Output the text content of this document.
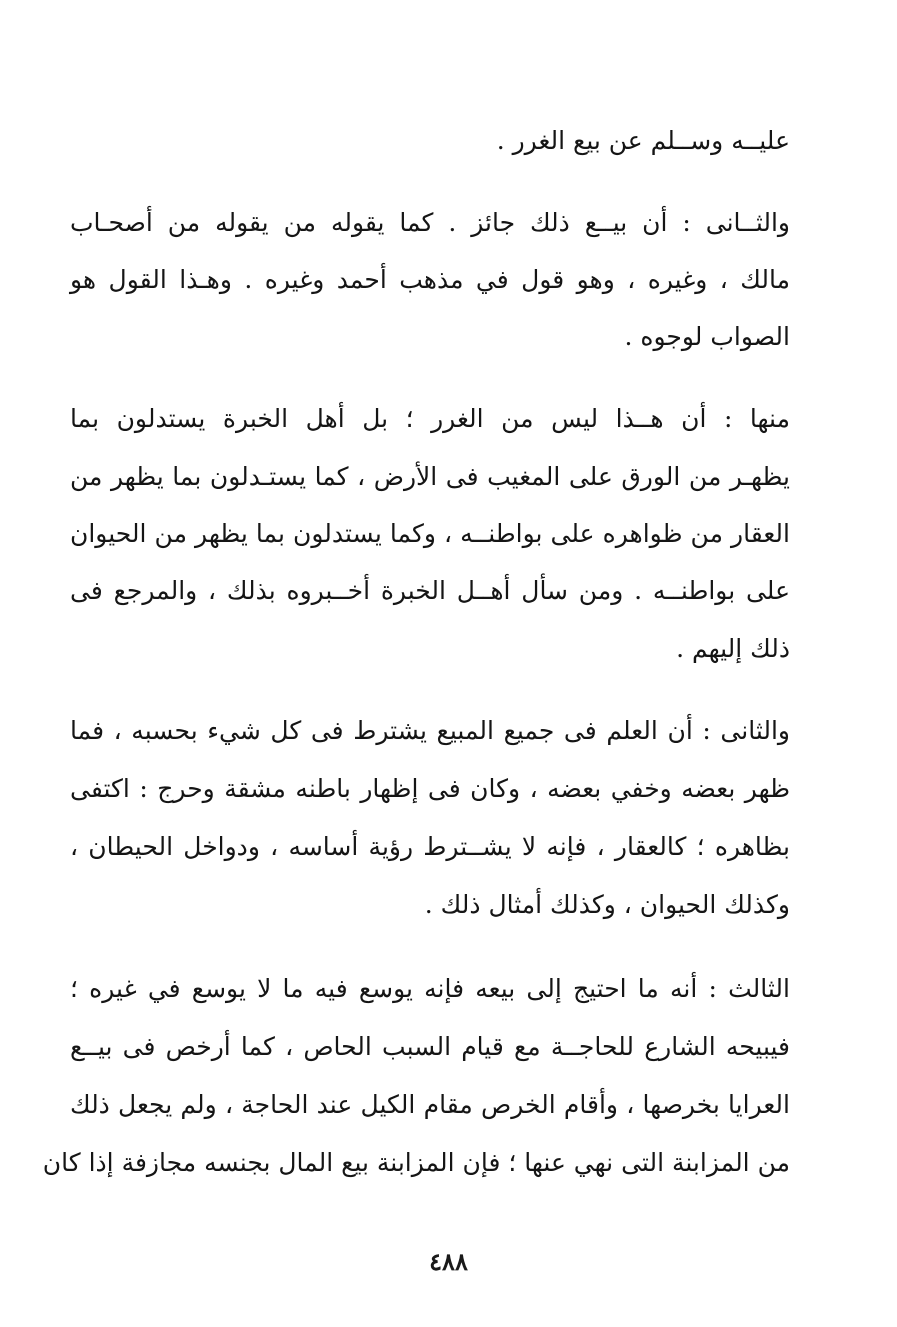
عليــه وســلم عن بيع الغرر .
والثــانى : أن بيــع ذلك جائز . كما يقوله من يقوله من أصحـاب
مالك ، وغيره ، وهو قول في مذهب أحمد وغيره . وهـذا القول هو
الصواب لوجوه .
منها : أن هــذا ليس من الغرر ؛ بل أهل الخبرة يستدلون بما
يظهـر من الورق على المغيب فى الأرض ، كما يستـدلون بما يظهر من
العقار من ظواهره على بواطنــه ، وكما يستدلون بما يظهر من الحيوان
على بواطنــه . ومن سأل أهــل الخبرة أخــبروه بذلك ، والمرجع فى
ذلك إليهم .
والثانى : أن العلم فى جميع المبيع يشترط فى كل شيء بحسبه ، فما
ظهر بعضه وخفي بعضه ، وكان فى إظهار باطنه مشقة وحرج : اكتفى
بظاهره ؛ كالعقار ، فإنه لا يشــترط رؤية أساسه ، ودواخل الحيطان ،
وكذلك الحيوان ، وكذلك أمثال ذلك .
الثالث : أنه ما احتيج إلى بيعه فإنه يوسع فيه ما لا يوسع في غيره ؛
فيبيحه الشارع للحاجــة مع قيام السبب الحاص ، كما أرخص فى بيــع
العرايا بخرصها ، وأقام الخرص مقام الكيل عند الحاجة ، ولم يجعل ذلك
من المزابنة التى نهي عنها ؛ فإن المزابنة بيع المال بجنسه مجازفة إذا كان
٤٨٨
